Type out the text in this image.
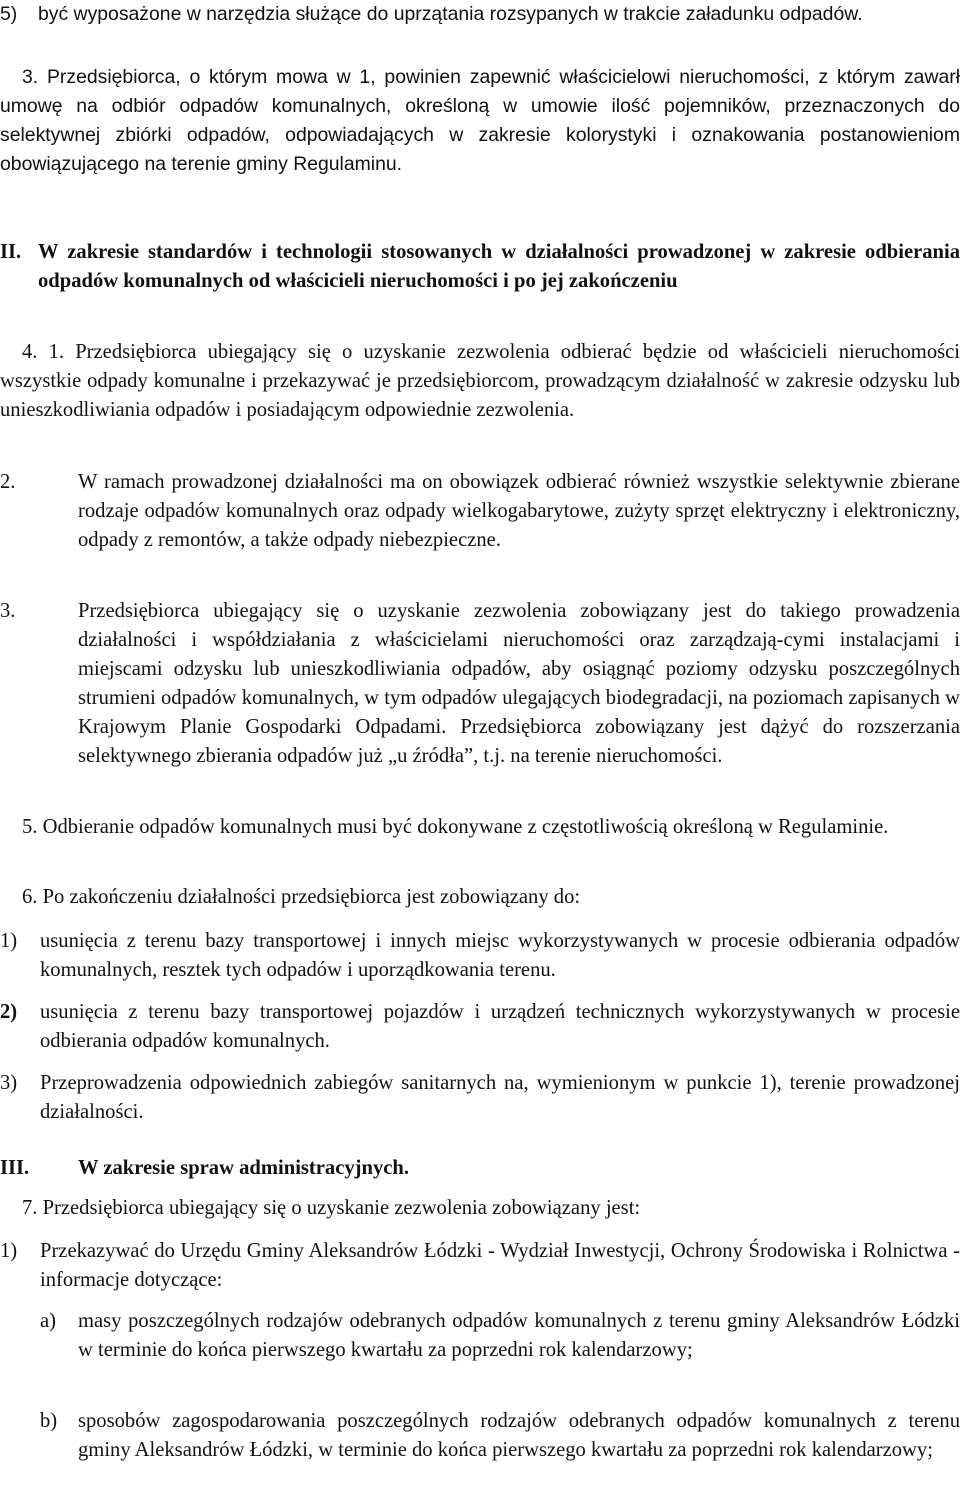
5)	być wyposażone w narzędzia służące do uprzątania rozsypanych w trakcie załadunku odpadów.

3. Przedsiębiorca, o którym mowa w 1, powinien zapewnić właścicielowi nieruchomości, z którym zawarł umowę na odbiór odpadów komunalnych, określoną w umowie ilość pojemników, przeznaczonych do selektywnej zbiórki odpadów, odpowiadających w zakresie kolorystyki i oznakowania postanowieniom obowiązującego na terenie gminy Regulaminu.

II. W zakresie standardów i technologii stosowanych w działalności prowadzonej w zakresie odbierania odpadów komunalnych od właścicieli nieruchomości i po jej zakończeniu

4. 1. Przedsiębiorca ubiegający się o uzyskanie zezwolenia odbierać będzie od właścicieli nieruchomości wszystkie odpady komunalne i przekazywać je przedsiębiorcom, prowadzącym działalność w zakresie odzysku lub unieszkodliwiania odpadów i posiadającym odpowiednie zezwolenia.

2.	W ramach prowadzonej działalności ma on obowiązek odbierać również wszystkie selektywnie zbierane rodzaje odpadów komunalnych oraz odpady wielkogabarytowe, zużyty sprzęt elektryczny i elektroniczny, odpady z remontów, a także odpady niebezpieczne.
3.	Przedsiębiorca ubiegający się o uzyskanie zezwolenia zobowiązany jest do takiego prowadzenia działalności i współdziałania z właścicielami nieruchomości oraz zarządzają-cymi instalacjami i miejscami odzysku lub unieszkodliwiania odpadów, aby osiągnąć poziomy odzysku poszczególnych strumieni odpadów komunalnych, w tym odpadów ulegających biodegradacji, na poziomach zapisanych w Krajowym Planie Gospodarki Odpadami. Przedsiębiorca zobowiązany jest dążyć do rozszerzania selektywnego zbierania odpadów już „u źródła”, t.j. na terenie nieruchomości.

5. Odbieranie odpadów komunalnych musi być dokonywane z częstotliwością określoną w Regulaminie.

6. Po zakończeniu działalności przedsiębiorca jest zobowiązany do:

1)	usunięcia z terenu bazy transportowej i innych miejsc wykorzystywanych w procesie odbierania odpadów komunalnych, resztek tych odpadów i uporządkowania terenu.
2)	usunięcia z terenu bazy transportowej pojazdów i urządzeń technicznych wykorzystywanych w procesie odbierania odpadów komunalnych.
3)	Przeprowadzenia odpowiednich zabiegów sanitarnych na, wymienionym w punkcie 1), terenie prowadzonej działalności.
III.	W zakresie spraw administracyjnych.

7. Przedsiębiorca ubiegający się o uzyskanie zezwolenia zobowiązany jest:

1)	Przekazywać do Urzędu Gminy Aleksandrów Łódzki - Wydział Inwestycji, Ochrony Środowiska i Rolnictwa - informacje dotyczące:
a)	masy poszczególnych rodzajów odebranych odpadów komunalnych z terenu gminy Aleksandrów Łódzki w terminie do końca pierwszego kwartału za poprzedni rok kalendarzowy;
b)	sposobów zagospodarowania poszczególnych rodzajów odebranych odpadów komunalnych z terenu gminy Aleksandrów Łódzki, w terminie do końca pierwszego kwartału za poprzedni rok kalendarzowy;
